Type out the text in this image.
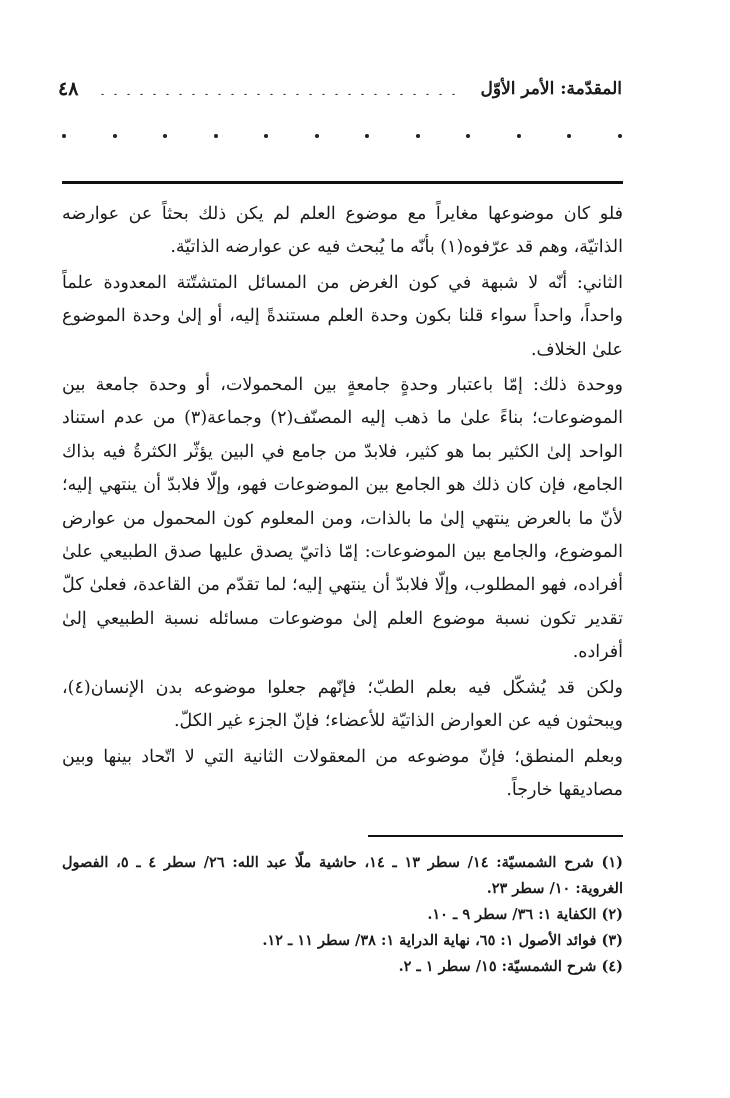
المقدّمة: الأمر الأوّل
٤٨

فلو كان موضوعها مغايراً مع موضوع العلم لم يكن ذلك بحثاً عن عوارضه الذاتيّة، وهم قد عرّفوه(١) بأنّه ما يُبحث فيه عن عوارضه الذاتيّة.

الثاني: أنّه لا شبهة في كون الغرض من المسائل المتشتّتة المعدودة علماً واحداً، واحداً سواء قلنا بكون وحدة العلم مستندةً إليه، أو إلىٰ وحدة الموضوع علىٰ الخلاف.

ووحدة ذلك: إمّا باعتبار وحدةٍ جامعةٍ بين المحمولات، أو وحدة جامعة بين الموضوعات؛ بناءً علىٰ ما ذهب إليه المصنّف(٢) وجماعة(٣) من عدم استناد الواحد إلىٰ الكثير بما هو كثير، فلابدّ من جامع في البين يؤثّر الكثرةُ فيه بذاك الجامع، فإن كان ذلك هو الجامع بين الموضوعات فهو، وإلّا فلابدّ أن ينتهي إليه؛ لأنّ ما بالعرض ينتهي إلىٰ ما بالذات، ومن المعلوم كون المحمول من عوارض الموضوع، والجامع بين الموضوعات: إمّا ذاتيّ يصدق عليها صدق الطبيعي علىٰ أفراده، فهو المطلوب، وإلّا فلابدّ أن ينتهي إليه؛ لما تقدّم من القاعدة، فعلىٰ كلّ تقدير تكون نسبة موضوع العلم إلىٰ موضوعات مسائله نسبة الطبيعي إلىٰ أفراده.

ولكن قد يُشكّل فيه بعلم الطبّ؛ فإنّهم جعلوا موضوعه بدن الإنسان(٤)، ويبحثون فيه عن العوارض الذاتيّة للأعضاء؛ فإنّ الجزء غير الكلّ.

وبعلم المنطق؛ فإنّ موضوعه من المعقولات الثانية التي لا اتّحاد بينها وبين مصاديقها خارجاً.

(١) شرح الشمسيّة: ١٤/ سطر ١٣ ـ ١٤، حاشية ملّا عبد الله: ٢٦/ سطر ٤ ـ ٥، الفصول الغروية: ١٠/ سطر ٢٣.

(٢) الكفاية ١: ٣٦/ سطر ٩ ـ ١٠.

(٣) فوائد الأصول ١: ٦٥، نهاية الدراية ١: ٣٨/ سطر ١١ ـ ١٢.

(٤) شرح الشمسيّة: ١٥/ سطر ١ ـ ٢.
